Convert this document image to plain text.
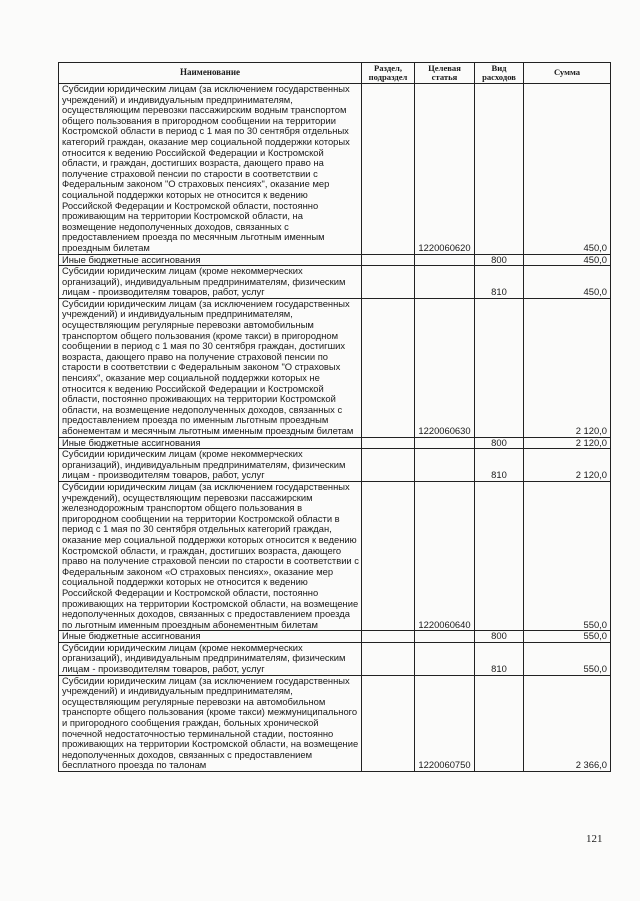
Наименование	Раздел, подраздел	Целевая статья	Вид расходов	Сумма
Субсидии юридическим лицам (за исключением государственных учреждений) и индивидуальным предпринимателям, осуществляющим перевозки пассажирским водным транспортом общего пользования в пригородном сообщении на территории Костромской области в период с 1 мая по 30 сентября отдельных категорий граждан, оказание мер социальной поддержки которых относится к ведению Российской Федерации и Костромской области, и граждан, достигших возраста, дающего право на получение страховой пенсии по старости в соответствии с Федеральным законом "О страховых пенсиях", оказание мер социальной поддержки которых не относится к ведению Российской Федерации и Костромской области, постоянно проживающим на территории Костромской области, на возмещение недополученных доходов, связанных с предоставлением проезда по месячным льготным именным проездным билетам		1220060620		450,0
Иные бюджетные ассигнования			800	450,0
Субсидии юридическим лицам (кроме некоммерческих организаций), индивидуальным предпринимателям, физическим лицам - производителям товаров, работ, услуг			810	450,0
Субсидии юридическим лицам (за исключением государственных учреждений) и индивидуальным предпринимателям, осуществляющим регулярные перевозки автомобильным транспортом общего пользования (кроме такси) в пригородном сообщении в период с 1 мая по 30 сентября граждан, достигших возраста, дающего право на получение страховой пенсии по старости в соответствии с Федеральным законом "О страховых пенсиях", оказание мер социальной поддержки которых не относится к ведению Российской Федерации и Костромской области, постоянно проживающих на территории Костромской области, на возмещение недополученных доходов, связанных с предоставлением проезда по именным льготным проездным абонементам и месячным льготным именным проездным билетам		1220060630		2 120,0
Иные бюджетные ассигнования			800	2 120,0
Субсидии юридическим лицам (кроме некоммерческих организаций), индивидуальным предпринимателям, физическим лицам - производителям товаров, работ, услуг			810	2 120,0
Субсидии юридическим лицам (за исключением государственных учреждений), осуществляющим перевозки пассажирским железнодорожным транспортом общего пользования в пригородном сообщении на территории Костромской области в период с 1 мая по 30 сентября отдельных категорий граждан, оказание мер социальной поддержки которых относится к ведению Костромской области, и граждан, достигших возраста, дающего право на получение страховой пенсии по старости в соответствии с Федеральным законом «О страховых пенсиях», оказание мер социальной поддержки которых не относится к ведению Российской Федерации и Костромской области, постоянно проживающих на территории Костромской области, на возмещение недополученных доходов, связанных с предоставлением проезда по льготным именным проездным абонементным билетам		1220060640		550,0
Иные бюджетные ассигнования			800	550,0
Субсидии юридическим лицам (кроме некоммерческих организаций), индивидуальным предпринимателям, физическим лицам - производителям товаров, работ, услуг			810	550,0
Субсидии юридическим лицам (за исключением государственных учреждений) и индивидуальным предпринимателям, осуществляющим регулярные перевозки на автомобильном транспорте общего пользования (кроме такси) межмуниципального и пригородного сообщения граждан, больных хронической почечной недостаточностью терминальной стадии, постоянно проживающих на территории Костромской области, на возмещение недополученных доходов, связанных с предоставлением бесплатного проезда по талонам		1220060750		2 366,0
121
